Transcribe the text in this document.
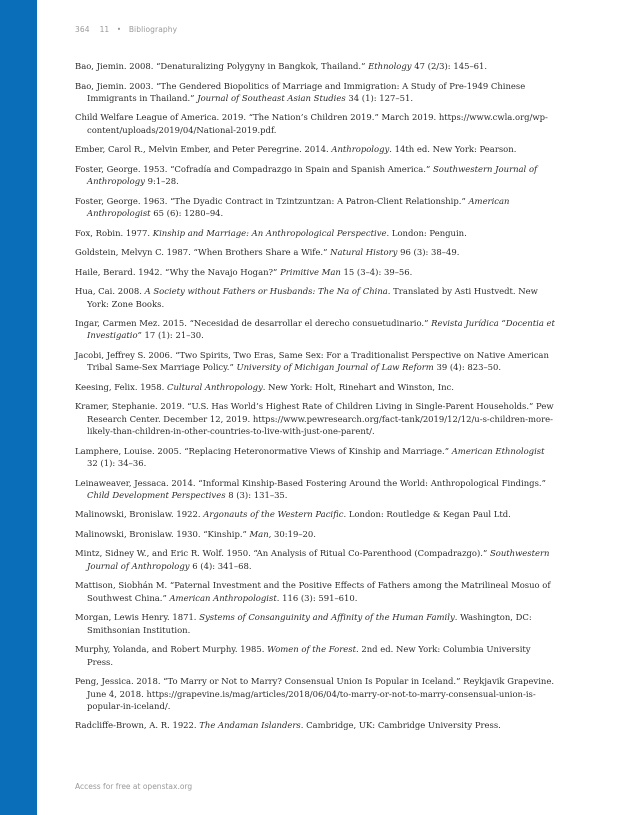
364 11 • Bibliography
Bao, Jiemin. 2008. “Denaturalizing Polygyny in Bangkok, Thailand.” Ethnology 47 (2/3): 145–61.
Bao, Jiemin. 2003. “The Gendered Biopolitics of Marriage and Immigration: A Study of Pre-1949 Chinese Immigrants in Thailand.” Journal of Southeast Asian Studies 34 (1): 127–51.
Child Welfare League of America. 2019. “The Nation’s Children 2019.” March 2019. https://www.cwla.org/wp-content/uploads/2019/04/National-2019.pdf.
Ember, Carol R., Melvin Ember, and Peter Peregrine. 2014. Anthropology. 14th ed. New York: Pearson.
Foster, George. 1953. “Cofradía and Compadrazgo in Spain and Spanish America.” Southwestern Journal of Anthropology 9:1–28.
Foster, George. 1963. “The Dyadic Contract in Tzintzuntzan: A Patron-Client Relationship.” American Anthropologist 65 (6): 1280–94.
Fox, Robin. 1977. Kinship and Marriage: An Anthropological Perspective. London: Penguin.
Goldstein, Melvyn C. 1987. “When Brothers Share a Wife.” Natural History 96 (3): 38–49.
Haile, Berard. 1942. “Why the Navajo Hogan?” Primitive Man 15 (3–4): 39–56.
Hua, Cai. 2008. A Society without Fathers or Husbands: The Na of China. Translated by Asti Hustvedt. New York: Zone Books.
Ingar, Carmen Mez. 2015. “Necesidad de desarrollar el derecho consuetudinario.” Revista Jurídica “Docentia et Investigatio” 17 (1): 21–30.
Jacobi, Jeffrey S. 2006. “Two Spirits, Two Eras, Same Sex: For a Traditionalist Perspective on Native American Tribal Same-Sex Marriage Policy.” University of Michigan Journal of Law Reform 39 (4): 823–50.
Keesing, Felix. 1958. Cultural Anthropology. New York: Holt, Rinehart and Winston, Inc.
Kramer, Stephanie. 2019. “U.S. Has World’s Highest Rate of Children Living in Single-Parent Households.” Pew Research Center. December 12, 2019. https://www.pewresearch.org/fact-tank/2019/12/12/u-s-children-more-likely-than-children-in-other-countries-to-live-with-just-one-parent/.
Lamphere, Louise. 2005. “Replacing Heteronormative Views of Kinship and Marriage.” American Ethnologist 32 (1): 34–36.
Leinaweaver, Jessaca. 2014. “Informal Kinship-Based Fostering Around the World: Anthropological Findings.” Child Development Perspectives 8 (3): 131–35.
Malinowski, Bronislaw. 1922. Argonauts of the Western Pacific. London: Routledge & Kegan Paul Ltd.
Malinowski, Bronislaw. 1930. “Kinship.” Man, 30:19–20.
Mintz, Sidney W., and Eric R. Wolf. 1950. “An Analysis of Ritual Co-Parenthood (Compadrazgo).” Southwestern Journal of Anthropology 6 (4): 341–68.
Mattison, Siobhán M. “Paternal Investment and the Positive Effects of Fathers among the Matrilineal Mosuo of Southwest China.” American Anthropologist. 116 (3): 591–610.
Morgan, Lewis Henry. 1871. Systems of Consanguinity and Affinity of the Human Family. Washington, DC: Smithsonian Institution.
Murphy, Yolanda, and Robert Murphy. 1985. Women of the Forest. 2nd ed. New York: Columbia University Press.
Peng, Jessica. 2018. “To Marry or Not to Marry? Consensual Union Is Popular in Iceland.” Reykjavik Grapevine. June 4, 2018. https://grapevine.is/mag/articles/2018/06/04/to-marry-or-not-to-marry-consensual-union-is-popular-in-iceland/.
Radcliffe-Brown, A. R. 1922. The Andaman Islanders. Cambridge, UK: Cambridge University Press.
Access for free at openstax.org
